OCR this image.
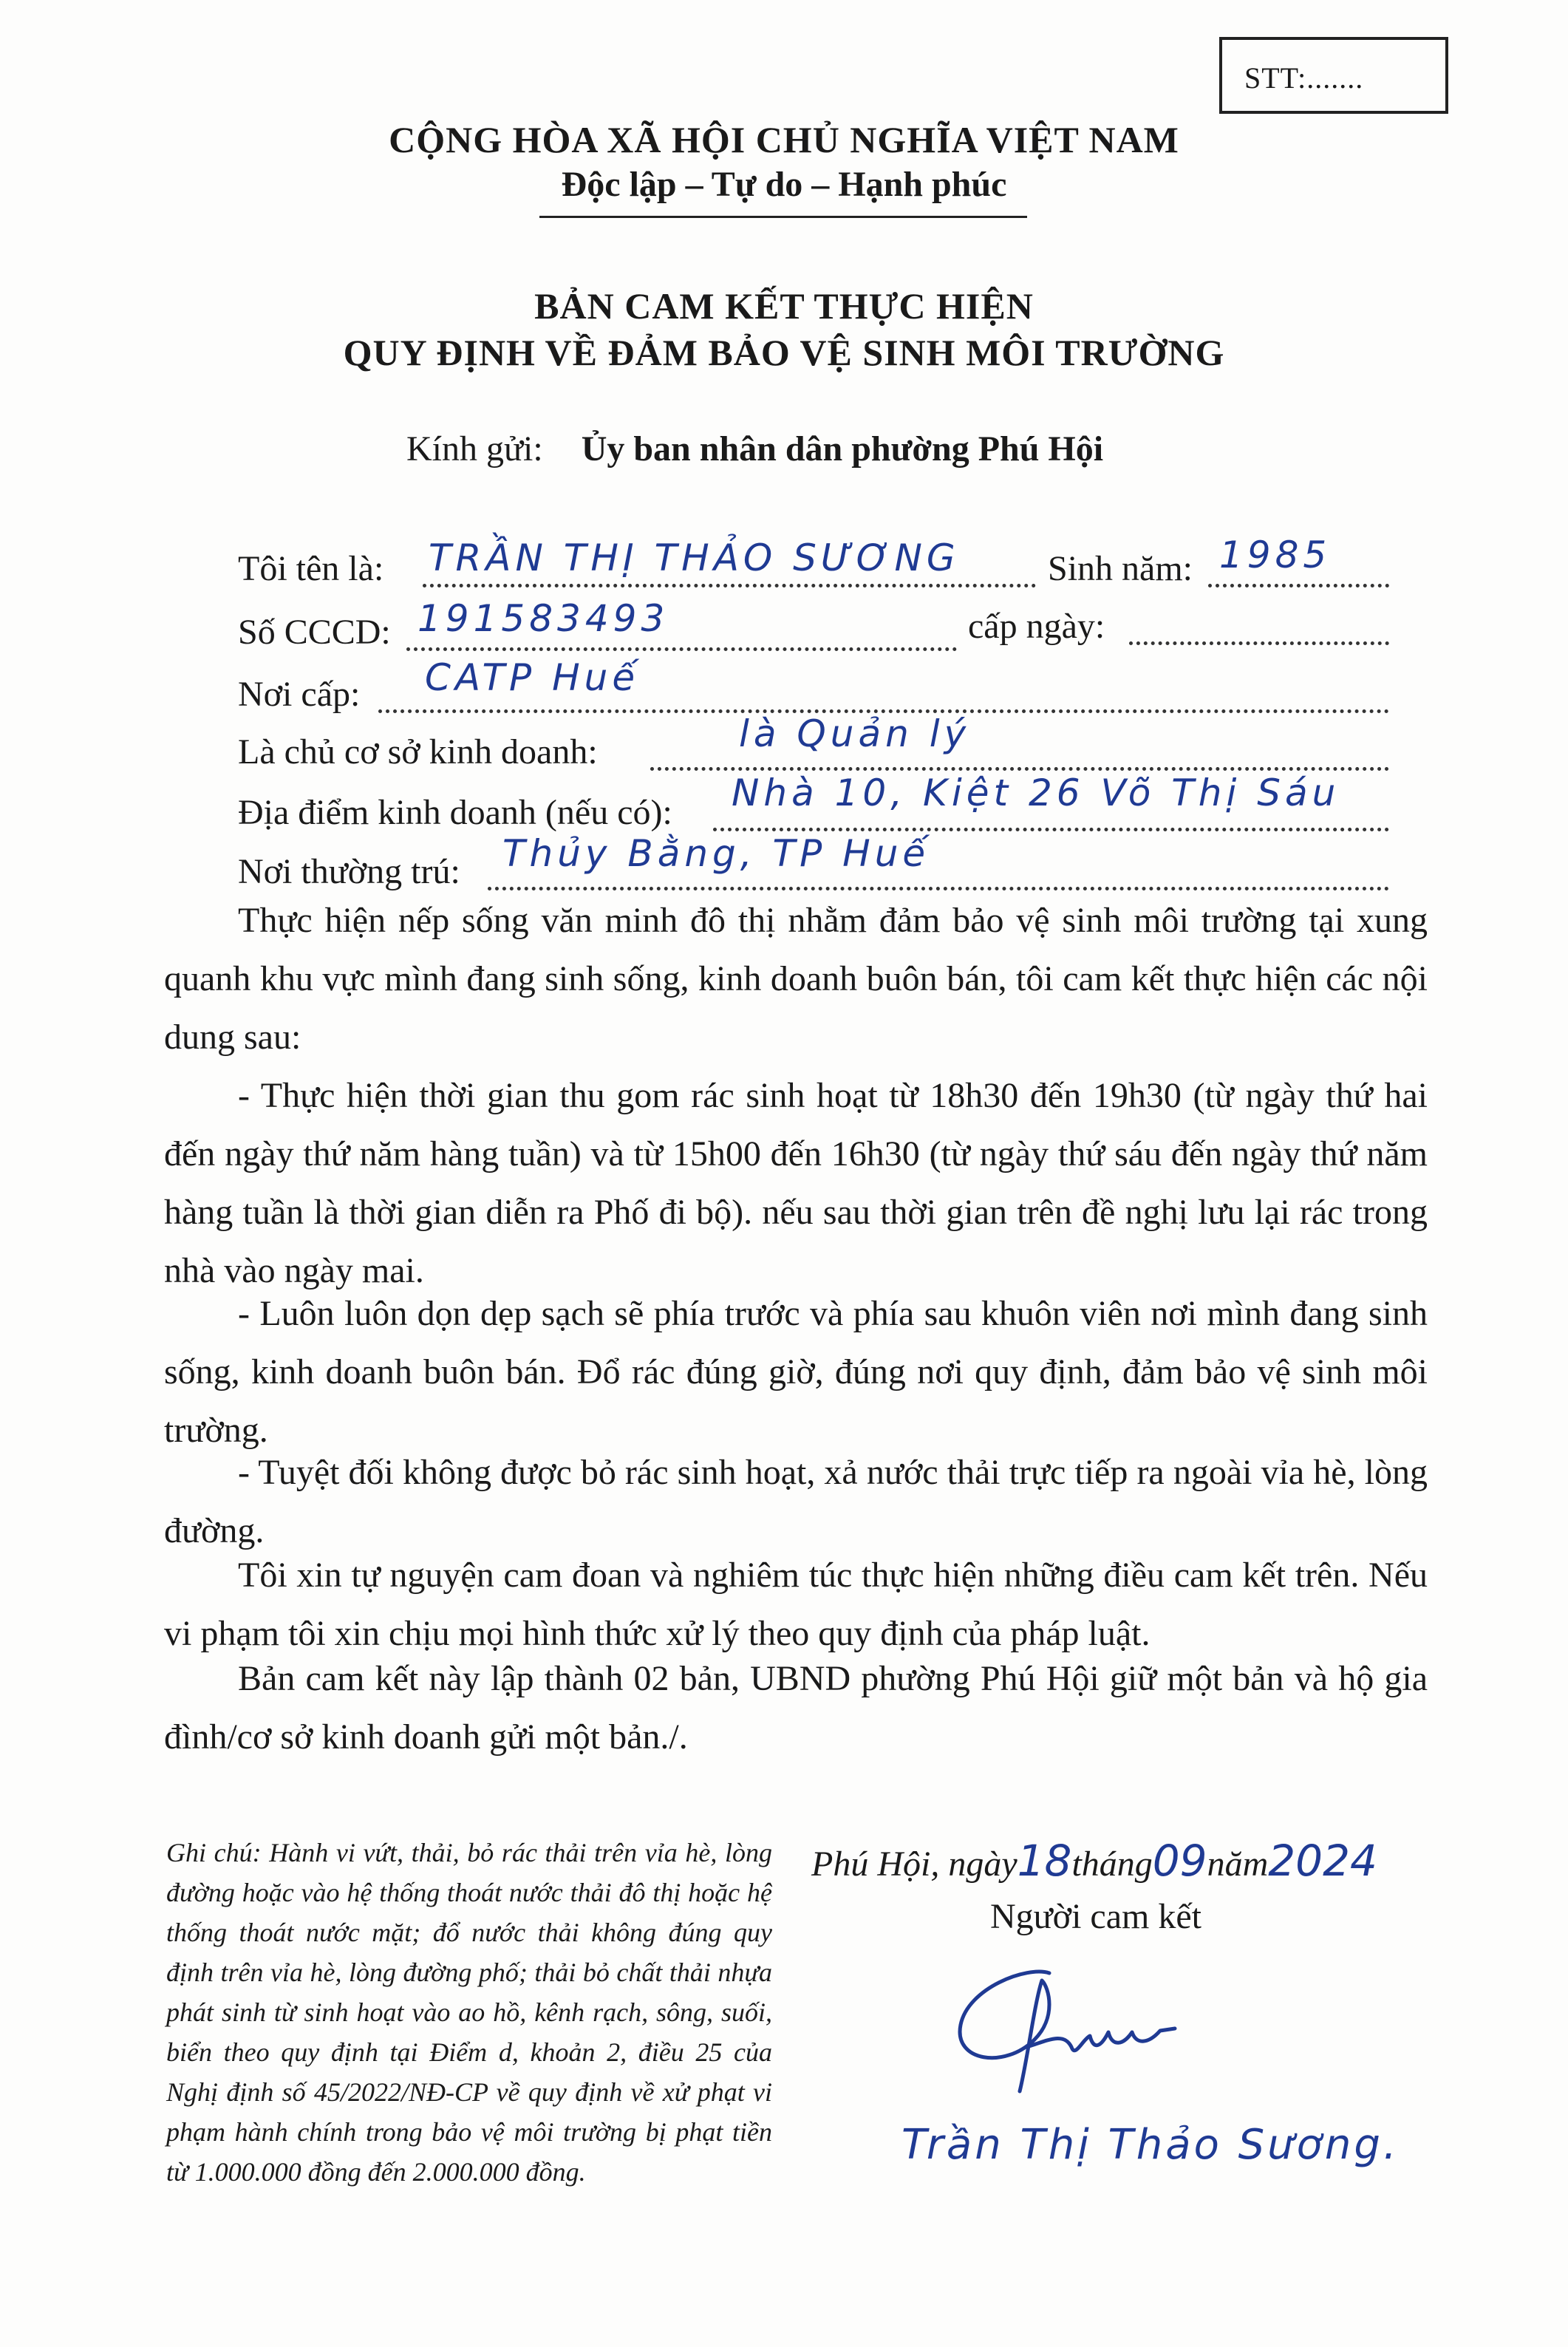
STT:.......
CỘNG HÒA XÃ HỘI CHỦ NGHĨA VIỆT NAM
Độc lập – Tự do – Hạnh phúc
BẢN CAM KẾT THỰC HIỆN
QUY ĐỊNH VỀ ĐẢM BẢO VỆ SINH MÔI TRƯỜNG
Kính gửi: Ủy ban nhân dân phường Phú Hội
Tôi tên là: TRẦN THỊ THẢO SƯƠNG Sinh năm: 1985
Số CCCD: 191583493	cấp ngày:
Nơi cấp: CATP Huế
Là chủ cơ sở kinh doanh:	là Quản lý
Địa điểm kinh doanh (nếu có): Nhà 10, Kiệt 26 Võ Thị Sáu
Nơi thường trú: Thủy Bằng, TP Huế

Thực hiện nếp sống văn minh đô thị nhằm đảm bảo vệ sinh môi trường tại xung quanh khu vực mình đang sinh sống, kinh doanh buôn bán, tôi cam kết thực hiện các nội dung sau:

- Thực hiện thời gian thu gom rác sinh hoạt từ 18h30 đến 19h30 (từ ngày thứ hai đến ngày thứ năm hàng tuần) và từ 15h00 đến 16h30 (từ ngày thứ sáu đến ngày thứ năm hàng tuần là thời gian diễn ra Phố đi bộ). nếu sau thời gian trên đề nghị lưu lại rác trong nhà vào ngày mai.

- Luôn luôn dọn dẹp sạch sẽ phía trước và phía sau khuôn viên nơi mình đang sinh sống, kinh doanh buôn bán. Đổ rác đúng giờ, đúng nơi quy định, đảm bảo vệ sinh môi trường.

- Tuyệt đối không được bỏ rác sinh hoạt, xả nước thải trực tiếp ra ngoài vỉa hè, lòng đường.

Tôi xin tự nguyện cam đoan và nghiêm túc thực hiện những điều cam kết trên. Nếu vi phạm tôi xin chịu mọi hình thức xử lý theo quy định của pháp luật.

Bản cam kết này lập thành 02 bản, UBND phường Phú Hội giữ một bản và hộ gia đình/cơ sở kinh doanh gửi một bản./.

Ghi chú: Hành vi vứt, thải, bỏ rác thải trên vỉa hè, lòng đường hoặc vào hệ thống thoát nước thải đô thị hoặc hệ thống thoát nước mặt; đổ nước thải không đúng quy định trên vỉa hè, lòng đường phố; thải bỏ chất thải nhựa phát sinh từ sinh hoạt vào ao hồ, kênh rạch, sông, suối, biển theo quy định tại Điểm d, khoản 2, điều 25 của Nghị định số 45/2022/NĐ-CP về quy định về xử phạt vi phạm hành chính trong bảo vệ môi trường bị phạt tiền từ 1.000.000 đồng đến 2.000.000 đồng.

Phú Hội, ngày18tháng09năm2024
Người cam kết
Trần Thị Thảo Sương.
